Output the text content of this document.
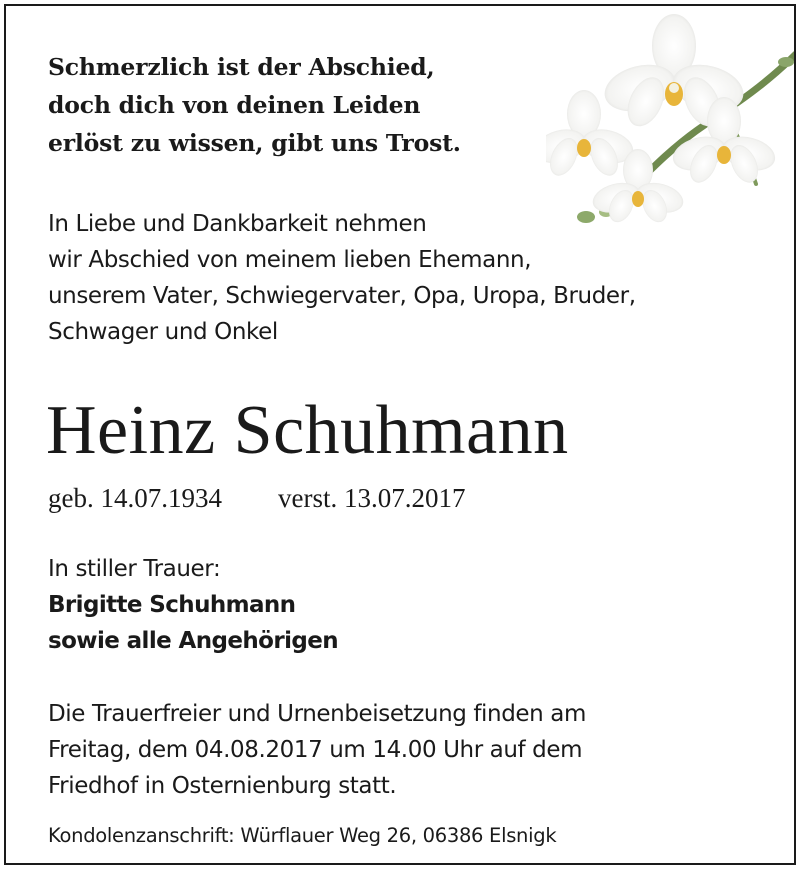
Schmerzlich ist der Abschied,
doch dich von deinen Leiden
erlöst zu wissen, gibt uns Trost.
In Liebe und Dankbarkeit nehmen
wir Abschied von meinem lieben Ehemann,
unserem Vater, Schwiegervater, Opa, Uropa, Bruder,
Schwager und Onkel
Heinz Schuhmann
geb. 14.07.1934 verst. 13.07.2017
In stiller Trauer:
Brigitte Schuhmann
sowie alle Angehörigen
Die Trauerfreier und Urnenbeisetzung finden am
Freitag, dem 04.08.2017 um 14.00 Uhr auf dem
Friedhof in Osternienburg statt.
Kondolenzanschrift: Würflauer Weg 26, 06386 Elsnigk
